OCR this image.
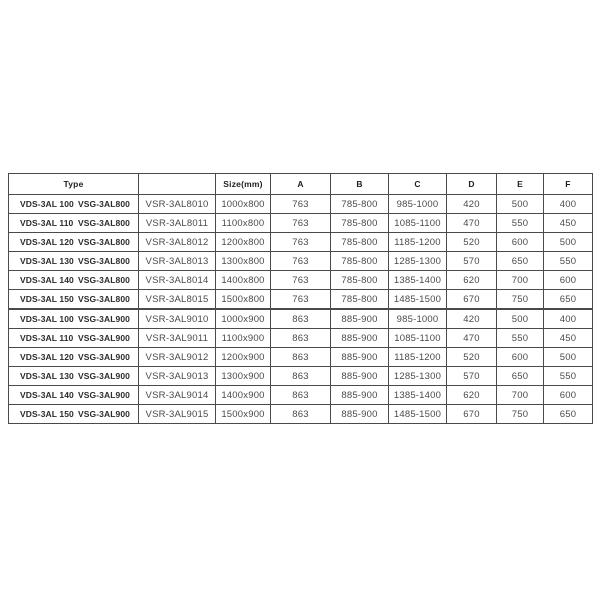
Type		Size(mm)	A	B	C	D	E	F

VDS-3AL 100 VSG-3AL800	VSR-3AL8010	1000x800	763	785-800	985-1000	420	500	400

VDS-3AL 110 VSG-3AL800	VSR-3AL8011	1100x800	763	785-800	1085-1100	470	550	450

VDS-3AL 120 VSG-3AL800	VSR-3AL8012	1200x800	763	785-800	1185-1200	520	600	500

VDS-3AL 130 VSG-3AL800	VSR-3AL8013	1300x800	763	785-800	1285-1300	570	650	550

VDS-3AL 140 VSG-3AL800	VSR-3AL8014	1400x800	763	785-800	1385-1400	620	700	600

VDS-3AL 150 VSG-3AL800	VSR-3AL8015	1500x800	763	785-800	1485-1500	670	750	650

VDS-3AL 100 VSG-3AL900	VSR-3AL9010	1000x900	863	885-900	985-1000	420	500	400

VDS-3AL 110 VSG-3AL900	VSR-3AL9011	1100x900	863	885-900	1085-1100	470	550	450

VDS-3AL 120 VSG-3AL900	VSR-3AL9012	1200x900	863	885-900	1185-1200	520	600	500

VDS-3AL 130 VSG-3AL900	VSR-3AL9013	1300x900	863	885-900	1285-1300	570	650	550

VDS-3AL 140 VSG-3AL900	VSR-3AL9014	1400x900	863	885-900	1385-1400	620	700	600

VDS-3AL 150 VSG-3AL900	VSR-3AL9015	1500x900	863	885-900	1485-1500	670	750	650
